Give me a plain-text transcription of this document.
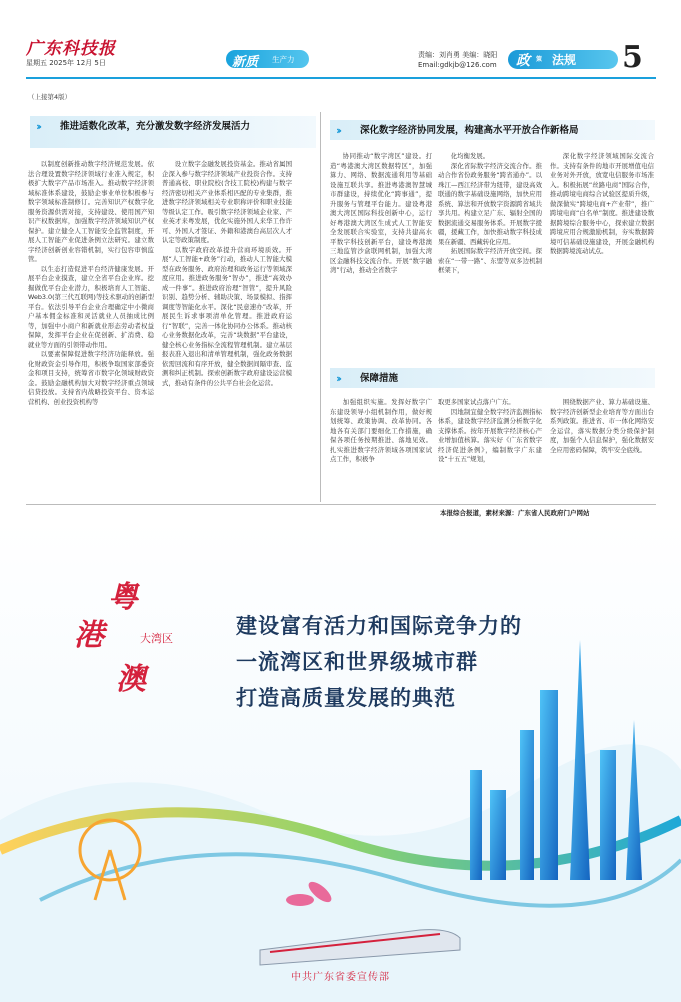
广东科技报
星期五 2025年 12月 5日	新质 生产力	责编：刘肖勇 美编：晓阳
Email:gdkjb@126.com 政 策 法规 5
（上接第4版）
›› 推进适数化改革，充分激发数字经济发展活力

以制度创新推动数字经济规范发展。依法合理设置数字经济领域行业准入规定，积极扩大数字产品市场准入。推动数字经济领域标准体系建设，鼓励企事业单位积极参与数字领域标准制修订。完善知识产权数字化服务资源供需对接，支持建设、使用国产知识产权数据库，加强数字经济领域知识产权保护。建立健全人工智能安全监管制度，开展人工智能产业促进条例立法研究。建立数字经济创新创业容错机制，实行包容审慎监管。

以生态打造促进平台经济健康发展。开展平台企业摸查，建立全省平台企业库。挖掘做优平台企业潜力，积极培育人工智能、Web3.0(第三代互联网)等技术驱动的创新型平台。依法引导平台企业合理确定中小微商户基本佣金标准和灵活就业人员抽成比例等，加强中小商户和新就业形态劳动者权益保障，发挥平台企业在促创新、扩消费、稳就业等方面的引领带动作用。

以要素保障促进数字经济功能释放。强化财政资金引导作用，积极争取国家部委资金和项目支持，统筹省市数字化领域财政资金。鼓励金融机构加大对数字经济重点领域信贷投放。支持省内战略投资平台、资本运营机构、创业投资机构等

设立数字金融发展投资基金。推动省属国企深入参与数字经济领域产业投资合作。支持普通高校、职业院校(含技工院校)构建与数字经济密切相关产业体系相匹配的专业集群，推进数字经济领域相关专业职称评价和职业技能等级认定工作。吸引数字经济领域企业家、产业英才来粤发展，优化实施外国人来华工作许可、外国人才签证、外籍和港澳台高层次人才认定等政策制度。

以数字政府改革提升营商环境质效。开展“人工智能+政务”行动，推动人工智能大模型在政务服务、政府治理和政务运行等领域深度应用。推进政务服务“智办”，推进“高效办成一件事”。推进政府治理“智管”，提升风险识别、趋势分析、辅助决策、场景模拟、指挥调度等智能化水平。深化“民意速办”改革，开展民生诉求事项清单化管理。推进政府运行“智联”，完善一体化协同办公体系。推动核心业务数据化改革，完善“块数据”平台建设，健全核心业务指标全流程管理机制。建立基层报表准入退出和清单管理机制，强化政务数据依需回流和有序开放，健全数据间隔审查、监测和纠正机制。探索创新数字政府建设运营模式，推动有条件的公共平台社会化运营。

›› 深化数字经济协同发展，构建高水平开放合作新格局

协同推动“数字湾区”建设。打造“粤港澳大湾区数据特区”，加强算力、网络、数据流通利用等基础设施互联共享。推进粤港澳智慧城市群建设，持续优化“跨事通”，提升服务与管理平台能力。建设粤港澳大湾区国际科技创新中心，运行好粤港澳大湾区生成式人工智能安全发展联合实验室，支持共建高水平数字科技创新平台，建设粤港澳三地监管沙盒联网机制，加强大湾区金融科技交流合作。开展“数字融湾”行动，推动全省数字

化均衡发展。

深化省际数字经济交流合作。推动合作省份政务服务“跨省通办”。以珠江—西江经济带为纽带，建设高效联通的数字基础设施网络，加快应用系统、算法和开放数字资源跨省域共享共用。构建立足广东、辐射全国的数据流通交易服务体系。开展数字援疆，援藏工作，加快推动数字科技成果在新疆、西藏转化应用。

拓展国际数字经济开放空间。探索在“一带一路”、东盟等双多边机制框架下，

深化数字经济领域国际交流合作。支持有条件的地市开展增值电信业务对外开放，放宽电信服务市场准入。积极拓展“丝路电商”国际合作，推动跨境电商综合试验区提质升级，做深做实“跨境电商+产业带”，推广跨境电商“白名单”制度。推进建设数据跨境综合服务中心，探索建立数据跨境应用合规激励机制，夯实数据跨境可信基础设施建设，开展金融机构数据跨境流动试点。

›› 保障措施

加强组织实施。发挥好数字广东建设领导小组机制作用，做好规划统筹、政策协调、改革协同。各地各有关部门要细化工作措施，确保各项任务按期推进、落地见效。扎实推进数字经济领域各项国家试点工作，积极争

取更多国家试点落户广东。

因地制宜健全数字经济监测指标体系，建设数字经济监测分析数字化支撑体系。按年开展数字经济核心产业增加值核算。落实好《广东省数字经济促进条例》，编制数字广东建设“十五五”规划，

围绕数据产业、算力基础设施、数字经济创新型企业培育等方面出台系列政策。推进省、市一体化网络安全运营，落实数据分类分级保护制度，加强个人信息保护，强化数据安全应用密码保障，筑牢安全底线。

本报综合报道，素材来源：广东省人民政府门户网站
粤
港
澳
大湾区
建设富有活力和国际竞争力的
一流湾区和世界级城市群
打造高质量发展的典范
中共广东省委宣传部
